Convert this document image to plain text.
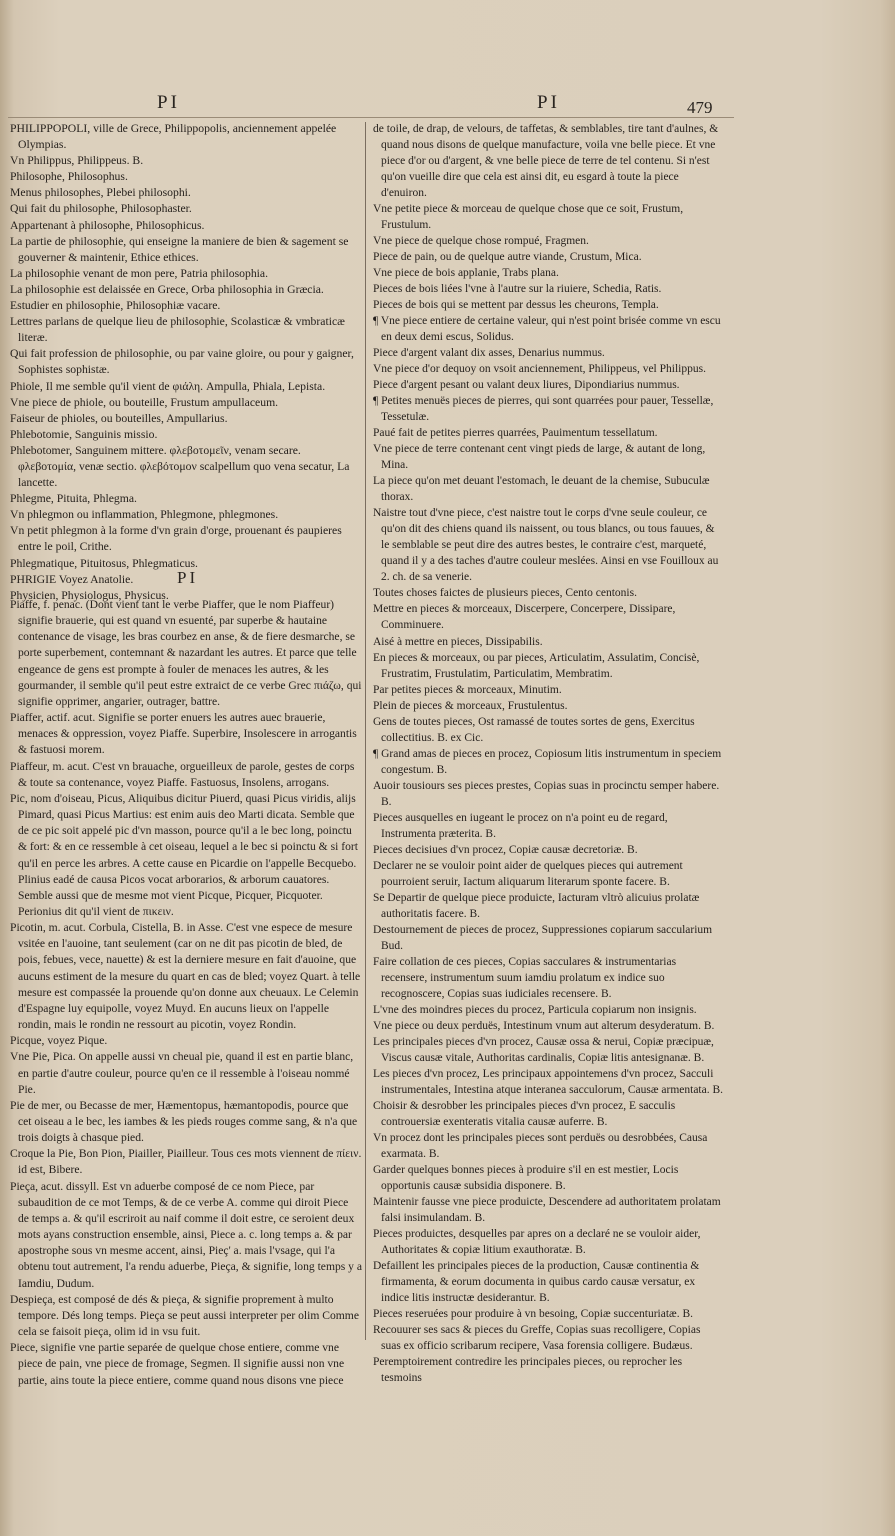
PI	PI	479

PHILIPPOPOLI, ville de Grece, Philippopolis, anciennement appelée Olympias.

Vn Philippus, Philippeus. B.

Philosophe, Philosophus.

Menus philosophes, Plebei philosophi.

Qui fait du philosophe, Philosophaster.

Appartenant à philosophe, Philosophicus.

La partie de philosophie, qui enseigne la maniere de bien & sagement se gouverner & maintenir, Ethice ethices.

La philosophie venant de mon pere, Patria philosophia.

La philosophie est delaissée en Grece, Orba philosophia in Græcia.

Estudier en philosophie, Philosophiæ vacare.

Lettres parlans de quelque lieu de philosophie, Scolasticæ & vmbraticæ literæ.

Qui fait profession de philosophie, ou par vaine gloire, ou pour y gaigner, Sophistes sophistæ.

Phiole, Il me semble qu'il vient de φιάλη. Ampulla, Phiala, Lepista.

Vne piece de phiole, ou bouteille, Frustum ampullaceum.

Faiseur de phioles, ou bouteilles, Ampullarius.

Phlebotomie, Sanguinis missio.

Phlebotomer, Sanguinem mittere. φλεβοτομεῖν, venam secare. φλεβοτομία, venæ sectio. φλεβότομον scalpellum quo vena secatur, La lancette.

Phlegme, Pituita, Phlegma.

Vn phlegmon ou inflammation, Phlegmone, phlegmones.

Vn petit phlegmon à la forme d'vn grain d'orge, prouenant és paupieres entre le poil, Crithe.

Phlegmatique, Pituitosus, Phlegmaticus.

PHRIGIE Voyez Anatolie.

Physicien, Physiologus, Physicus.

PI

Piaffe, f. penac. (Dont vient tant le verbe Piaffer, que le nom Piaffeur) signifie brauerie, qui est quand vn esuenté, par superbe & hautaine contenance de visage, les bras courbez en anse, & de fiere desmarche, se porte superbement, contemnant & nazardant les autres. Et parce que telle engeance de gens est prompte à fouler de menaces les autres, & les gourmander, il semble qu'il peut estre extraict de ce verbe Grec πιάζω, qui signifie opprimer, angarier, outrager, battre.

Piaffer, actif. acut. Signifie se porter enuers les autres auec brauerie, menaces & oppression, voyez Piaffe. Superbire, Insolescere in arrogantis & fastuosi morem.

Piaffeur, m. acut. C'est vn brauache, orgueilleux de parole, gestes de corps & toute sa contenance, voyez Piaffe. Fastuosus, Insolens, arrogans.

Pic, nom d'oiseau, Picus, Aliquibus dicitur Piuerd, quasi Picus viridis, alijs Pimard, quasi Picus Martius: est enim auis deo Marti dicata. Semble que de ce pic soit appelé pic d'vn masson, pource qu'il a le bec long, poinctu & fort: & en ce ressemble à cet oiseau, lequel a le bec si poinctu & si fort qu'il en perce les arbres. A cette cause en Picardie on l'appelle Becquebo. Plinius eadé de causa Picos vocat arborarios, & arborum cauatores. Semble aussi que de mesme mot vient Picque, Picquer, Picquoter. Perionius dit qu'il vient de πικειν.

Picotin, m. acut. Corbula, Cistella, B. in Asse. C'est vne espece de mesure vsitée en l'auoine, tant seulement (car on ne dit pas picotin de bled, de pois, febues, vece, nauette) & est la derniere mesure en fait d'auoine, que aucuns estiment de la mesure du quart en cas de bled; voyez Quart. à telle mesure est compassée la prouende qu'on donne aux cheuaux. Le Celemin d'Espagne luy equipolle, voyez Muyd. En aucuns lieux on l'appelle rondin, mais le rondin ne ressourt au picotin, voyez Rondin.

Picque, voyez Pique.

Vne Pie, Pica. On appelle aussi vn cheual pie, quand il est en partie blanc, en partie d'autre couleur, pource qu'en ce il ressemble à l'oiseau nommé Pie.

Pie de mer, ou Becasse de mer, Hæmentopus, hæmantopodis, pource que cet oiseau a le bec, les iambes & les pieds rouges comme sang, & n'a que trois doigts à chasque pied.

Croque la Pie, Bon Pion, Piailler, Piailleur. Tous ces mots viennent de πίειν. id est, Bibere.

Pieça, acut. dissyll. Est vn aduerbe composé de ce nom Piece, par subaudition de ce mot Temps, & de ce verbe A. comme qui diroit Piece de temps a. & qu'il escriroit au naif comme il doit estre, ce seroient deux mots ayans construction ensemble, ainsi, Piece a. c. long temps a. & par apostrophe sous vn mesme accent, ainsi, Pieç' a. mais l'vsage, qui l'a obtenu tout autrement, l'a rendu aduerbe, Pieça, & signifie, long temps y a Iamdiu, Dudum.

Despieça, est composé de dés & pieça, & signifie proprement à multo tempore. Dés long temps. Pieça se peut aussi interpreter per olim Comme cela se faisoit pieça, olim id in vsu fuit.

Piece, signifie vne partie separée de quelque chose entiere, comme vne piece de pain, vne piece de fromage, Segmen. Il signifie aussi non vne partie, ains toute la piece entiere, comme quand nous disons vne piece

de toile, de drap, de velours, de taffetas, & semblables, tire tant d'aulnes, & quand nous disons de quelque manufacture, voila vne belle piece. Et vne piece d'or ou d'argent, & vne belle piece de terre de tel contenu. Si n'est qu'on vueille dire que cela est ainsi dit, eu esgard à toute la piece d'enuiron.

Vne petite piece & morceau de quelque chose que ce soit, Frustum, Frustulum.

Vne piece de quelque chose rompué, Fragmen.

Piece de pain, ou de quelque autre viande, Crustum, Mica.

Vne piece de bois applanie, Trabs plana.

Pieces de bois liées l'vne à l'autre sur la riuiere, Schedia, Ratis.

Pieces de bois qui se mettent par dessus les cheurons, Templa.

¶ Vne piece entiere de certaine valeur, qui n'est point brisée comme vn escu en deux demi escus, Solidus.

Piece d'argent valant dix asses, Denarius nummus.

Vne piece d'or dequoy on vsoit anciennement, Philippeus, vel Philippus.

Piece d'argent pesant ou valant deux liures, Dipondiarius nummus.

¶ Petites menuës pieces de pierres, qui sont quarrées pour pauer, Tessellæ, Tessetulæ.

Paué fait de petites pierres quarrées, Pauimentum tessellatum.

Vne piece de terre contenant cent vingt pieds de large, & autant de long, Mina.

La piece qu'on met deuant l'estomach, le deuant de la chemise, Subuculæ thorax.

Naistre tout d'vne piece, c'est naistre tout le corps d'vne seule couleur, ce qu'on dit des chiens quand ils naissent, ou tous blancs, ou tous fauues, & le semblable se peut dire des autres bestes, le contraire c'est, marqueté, quand il y a des taches d'autre couleur meslées. Ainsi en vse Fouilloux au 2. ch. de sa venerie.

Toutes choses faictes de plusieurs pieces, Cento centonis.

Mettre en pieces & morceaux, Discerpere, Concerpere, Dissipare, Comminuere.

Aisé à mettre en pieces, Dissipabilis.

En pieces & morceaux, ou par pieces, Articulatim, Assulatim, Concisè, Frustratim, Frustulatim, Particulatim, Membratim.

Par petites pieces & morceaux, Minutim.

Plein de pieces & morceaux, Frustulentus.

Gens de toutes pieces, Ost ramassé de toutes sortes de gens, Exercitus collectitius. B. ex Cic.

¶ Grand amas de pieces en procez, Copiosum litis instrumentum in speciem congestum. B.

Auoir tousiours ses pieces prestes, Copias suas in procinctu semper habere. B.

Pieces ausquelles en iugeant le procez on n'a point eu de regard, Instrumenta præterita. B.

Pieces decisiues d'vn procez, Copiæ causæ decretoriæ. B.

Declarer ne se vouloir point aider de quelques pieces qui autrement pourroient seruir, Iactum aliquarum literarum sponte facere. B.

Se Departir de quelque piece produicte, Iacturam vltrò alicuius prolatæ authoritatis facere. B.

Destournement de pieces de procez, Suppressiones copiarum saccularium Bud.

Faire collation de ces pieces, Copias sacculares & instrumentarias recensere, instrumentum suum iamdiu prolatum ex indice suo recognoscere, Copias suas iudiciales recensere. B.

L'vne des moindres pieces du procez, Particula copiarum non insignis.

Vne piece ou deux perduës, Intestinum vnum aut alterum desyderatum. B.

Les principales pieces d'vn procez, Causæ ossa & nerui, Copiæ præcipuæ, Viscus causæ vitale, Authoritas cardinalis, Copiæ litis antesignanæ. B.

Les pieces d'vn procez, Les principaux appointemens d'vn procez, Sacculi instrumentales, Intestina atque interanea sacculorum, Causæ armentata. B.

Choisir & desrobber les principales pieces d'vn procez, E sacculis controuersiæ exenteratis vitalia causæ auferre. B.

Vn procez dont les principales pieces sont perduës ou desrobbées, Causa exarmata. B.

Garder quelques bonnes pieces à produire s'il en est mestier, Locis opportunis causæ subsidia disponere. B.

Maintenir fausse vne piece produicte, Descendere ad authoritatem prolatam falsi insimulandam. B.

Pieces produictes, desquelles par apres on a declaré ne se vouloir aider, Authoritates & copiæ litium exauthoratæ. B.

Defaillent les principales pieces de la production, Causæ continentia & firmamenta, & eorum documenta in quibus cardo causæ versatur, ex indice litis instructæ desiderantur. B.

Pieces reseruées pour produire à vn besoing, Copiæ succenturiatæ. B.

Recouurer ses sacs & pieces du Greffe, Copias suas recolligere, Copias suas ex officio scribarum recipere, Vasa forensia colligere. Budæus.

Peremptoirement contredire les principales pieces, ou reprocher les tesmoins
